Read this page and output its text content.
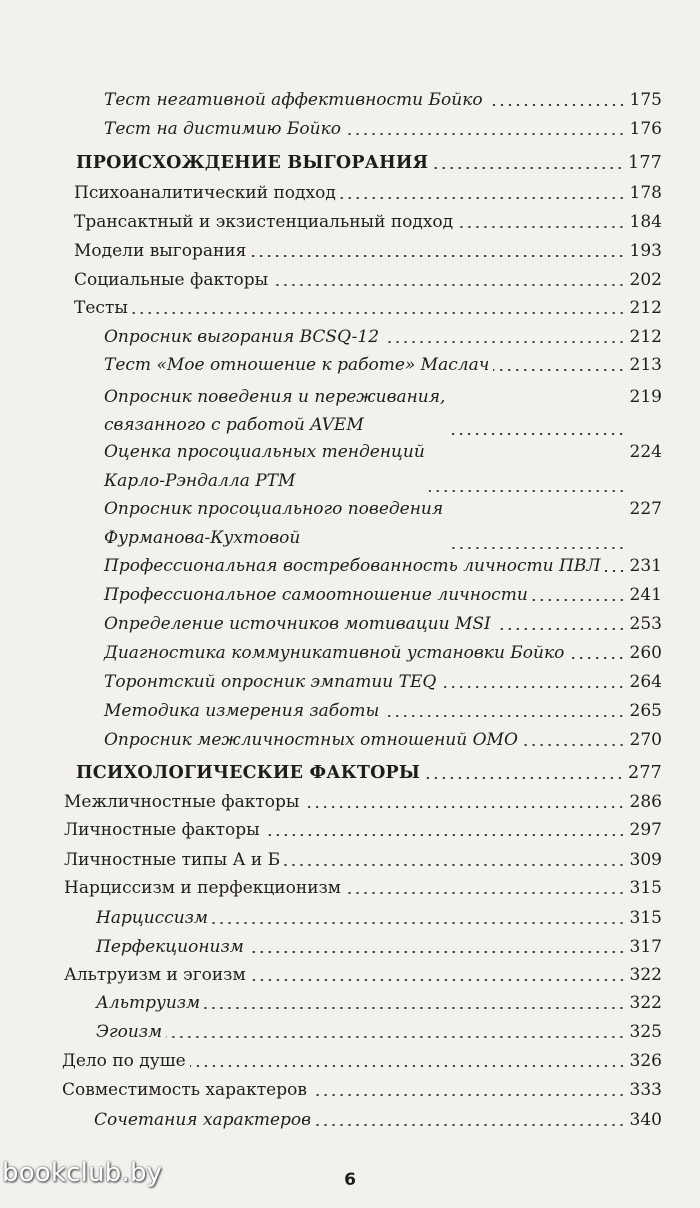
Тест негативной аффективности Бойко	175
Тест на дистимию Бойко	176
ПРОИСХОЖДЕНИЕ ВЫГОРАНИЯ	177
Психоаналитический подход	178
Трансактный и экзистенциальный подход	184
Модели выгорания	193
Социальные факторы	202
Тесты	212
Опросник выгорания BCSQ-12	212
Тест «Мое отношение к работе» Маслач	213
Опросник поведения и переживания,
связанного с работой AVEM
219
Оценка просоциальных тенденций
Карло-Рэндалла PTM
224
Опросник просоциального поведения
Фурманова-Кухтовой
227
Профессиональная востребованность личности ПВЛ 231
Профессиональное самоотношение личности	241
Определение источников мотивации MSI	253
Диагностика коммуникативной установки Бойко	260
Торонтский опросник эмпатии TEQ	264
Методика измерения заботы	265
Опросник межличностных отношений ОМО	270
ПСИХОЛОГИЧЕСКИЕ ФАКТОРЫ	277
Межличностные факторы	286
Личностные факторы	297
Личностные типы А и Б	309
Нарциссизм и перфекционизм	315
Нарциссизм	315
Перфекционизм	317
Альтруизм и эгоизм	322
Альтруизм	322
Эгоизм	325
Дело по душе	326
Совместимость характеров	333
Сочетания характеров	340
6
bookclub.by
